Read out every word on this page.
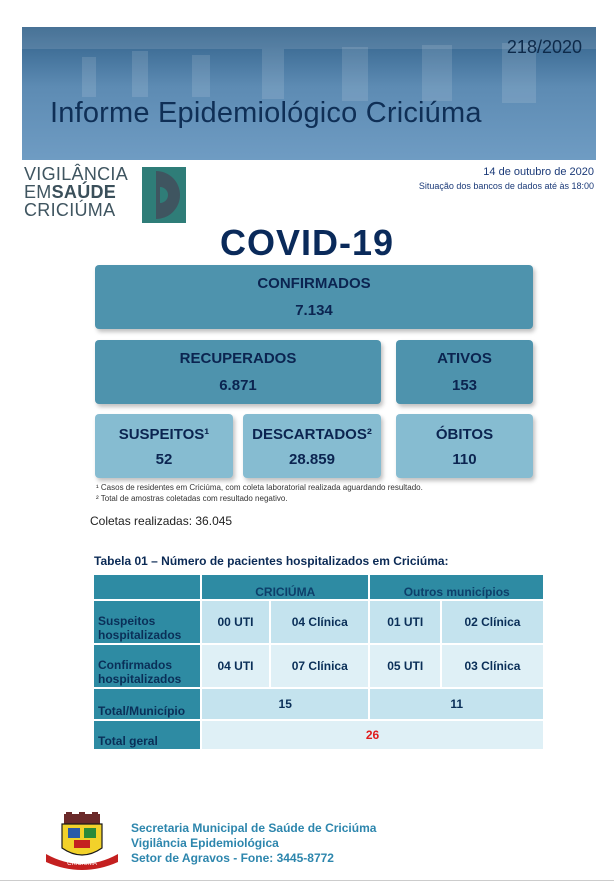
218/2020
Informe Epidemiológico Criciúma
VIGILÂNCIA
EMSAÚDE
CRICIÚMA
14 de outubro de 2020
Situação dos bancos de dados até às 18:00
COVID-19
CONFIRMADOS
7.134
RECUPERADOS
6.871
ATIVOS
153
SUSPEITOS¹
52
DESCARTADOS²
28.859
ÓBITOS
110
¹ Casos de residentes em Criciúma, com coleta laboratorial realizada aguardando resultado.
² Total de amostras coletadas com resultado negativo.
Coletas realizadas: 36.045
Tabela 01 – Número de pacientes hospitalizados em Criciúma:
	CRICIÚMA		Outros municípios	
Suspeitos hospitalizados	00 UTI	04 Clínica	01 UTI	02 Clínica
Confirmados hospitalizados	04 UTI	07 Clínica	05 UTI	03 Clínica
Total/Município	15		11	
Total geral	26			
CRICIÚMA
Secretaria Municipal de Saúde de Criciúma
Vigilância Epidemiológica
Setor de Agravos - Fone: 3445-8772
